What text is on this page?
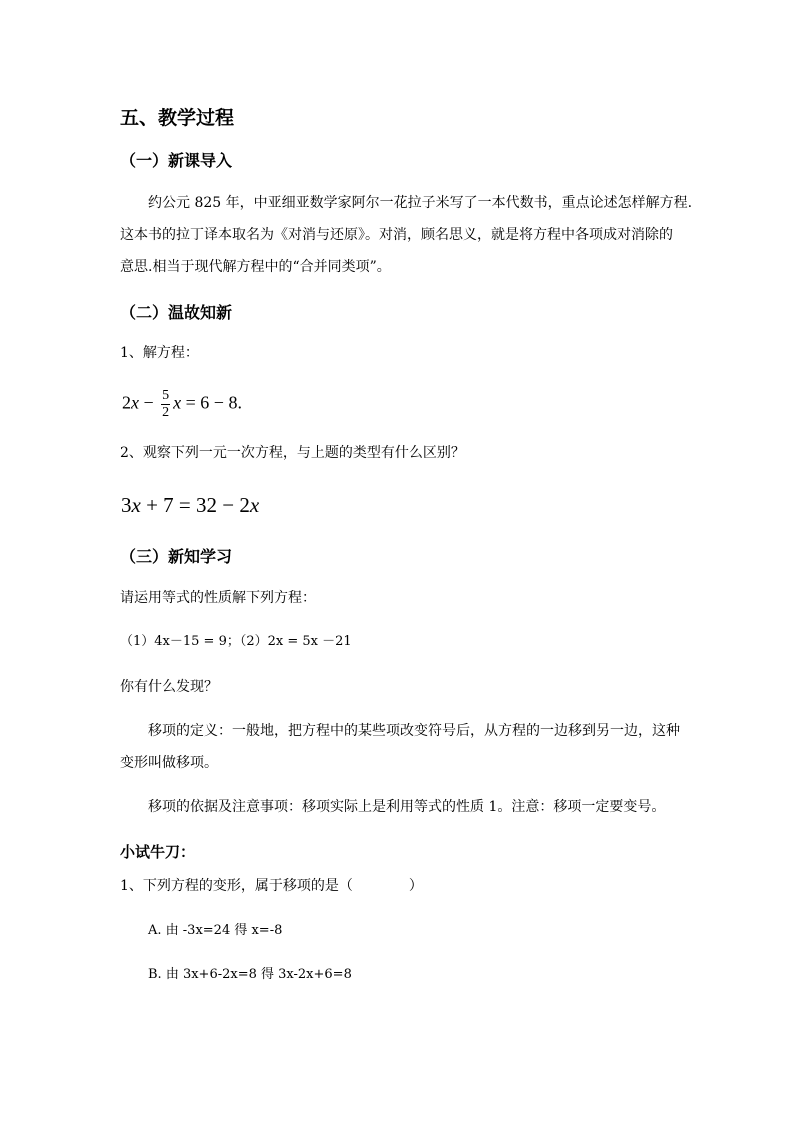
五、教学过程
（一）新课导入
约公元 825 年，中亚细亚数学家阿尔一花拉子米写了一本代数书，重点论述怎样解方程.
这本书的拉丁译本取名为《对消与还原》。对消，顾名思义，就是将方程中各项成对消除的
意思.相当于现代解方程中的“合并同类项”。
（二）温故知新
1、解方程：
$2x - \frac{5}{2}$ x = 6 − 8.
2、观察下列一元一次方程，与上题的类型有什么区别？
3x + 7 = 32 − 2x
（三）新知学习
请运用等式的性质解下列方程：
（1）4x－15 = 9；（2）2x = 5x －21
你有什么发现？
移项的定义：一般地，把方程中的某些项改变符号后，从方程的一边移到另一边，这种
变形叫做移项。
移项的依据及注意事项：移项实际上是利用等式的性质 1。注意：移项一定要变号。
小试牛刀：
1、下列方程的变形，属于移项的是（　　　　）
A. 由 -3x=24 得 x=-8
B. 由 3x+6-2x=8 得 3x-2x+6=8
